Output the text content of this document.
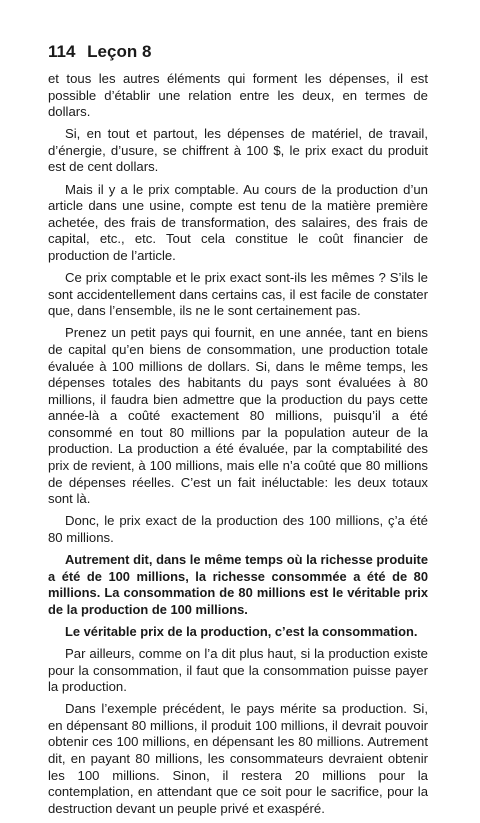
114 Leçon 8

et tous les autres éléments qui forment les dépenses, il est possible d’établir une relation entre les deux, en termes de dollars.

Si, en tout et partout, les dépenses de matériel, de travail, d’énergie, d’usure, se chiffrent à 100 $, le prix exact du produit est de cent dollars.

Mais il y a le prix comptable. Au cours de la production d’un article dans une usine, compte est tenu de la matière première achetée, des frais de transformation, des salaires, des frais de capital, etc., etc. Tout cela constitue le coût financier de production de l’article.

Ce prix comptable et le prix exact sont-ils les mêmes ? S’ils le sont accidentellement dans certains cas, il est facile de constater que, dans l’ensemble, ils ne le sont certainement pas.

Prenez un petit pays qui fournit, en une année, tant en biens de capital qu’en biens de consommation, une production totale évaluée à 100 millions de dollars. Si, dans le même temps, les dépenses totales des habitants du pays sont évaluées à 80 millions, il faudra bien admettre que la production du pays cette année-là a coûté exactement 80 millions, puisqu’il a été consommé en tout 80 millions par la population auteur de la production. La production a été évaluée, par la comptabilité des prix de revient, à 100 millions, mais elle n’a coûté que 80 millions de dépenses réelles. C’est un fait inéluctable: les deux totaux sont là.

Donc, le prix exact de la production des 100 millions, ç’a été 80 millions.

Autrement dit, dans le même temps où la richesse produite a été de 100 millions, la richesse consommée a été de 80 millions. La consommation de 80 millions est le véritable prix de la production de 100 millions.

Le véritable prix de la production, c’est la consommation.

Par ailleurs, comme on l’a dit plus haut, si la production existe pour la consommation, il faut que la consommation puisse payer la production.

Dans l’exemple précédent, le pays mérite sa production. Si, en dépensant 80 millions, il produit 100 millions, il devrait pouvoir obtenir ces 100 millions, en dépensant les 80 millions. Autrement dit, en payant 80 millions, les consommateurs devraient obtenir les 100 millions. Sinon, il restera 20 millions pour la contemplation, en attendant que ce soit pour le sacrifice, pour la destruction devant un peuple privé et exaspéré.
